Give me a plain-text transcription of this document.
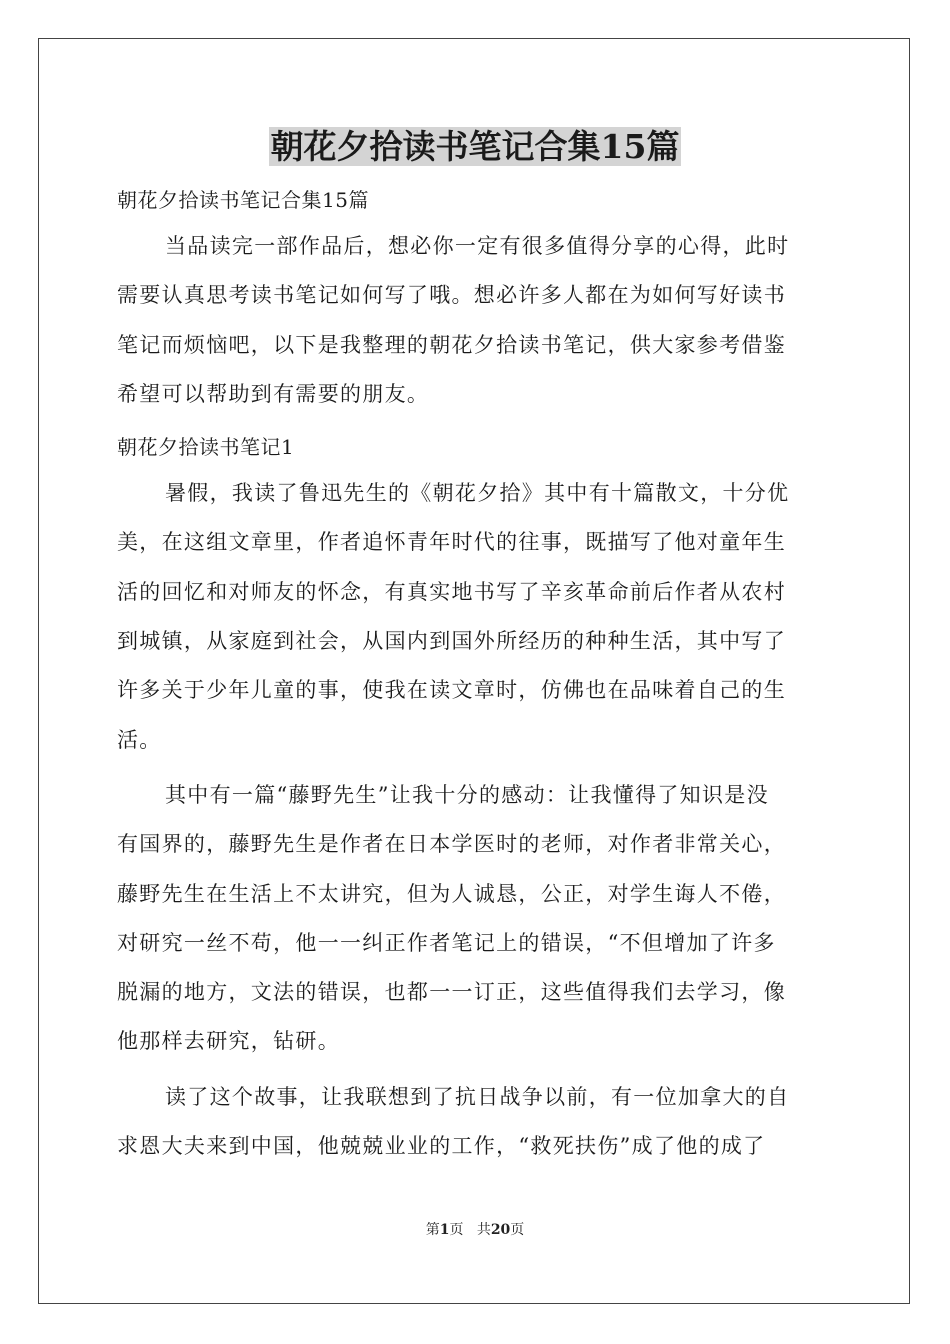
朝花夕拾读书笔记合集15篇
朝花夕拾读书笔记合集15篇
当品读完一部作品后，想必你一定有很多值得分享的心得，此时
需要认真思考读书笔记如何写了哦。想必许多人都在为如何写好读书
笔记而烦恼吧，以下是我整理的朝花夕拾读书笔记，供大家参考借鉴
希望可以帮助到有需要的朋友。
朝花夕拾读书笔记1
暑假，我读了鲁迅先生的《朝花夕拾》其中有十篇散文，十分优
美，在这组文章里，作者追怀青年时代的往事，既描写了他对童年生
活的回忆和对师友的怀念，有真实地书写了辛亥革命前后作者从农村
到城镇，从家庭到社会，从国内到国外所经历的种种生活，其中写了
许多关于少年儿童的事，使我在读文章时，仿佛也在品味着自己的生
活。
其中有一篇“藤野先生”让我十分的感动：让我懂得了知识是没
有国界的，藤野先生是作者在日本学医时的老师，对作者非常关心，
藤野先生在生活上不太讲究，但为人诚恳，公正，对学生诲人不倦，
对研究一丝不苟，他一一纠正作者笔记上的错误，“不但增加了许多
脱漏的地方，文法的错误，也都一一订正，这些值得我们去学习，像
他那样去研究，钻研。
读了这个故事，让我联想到了抗日战争以前，有一位加拿大的自
求恩大夫来到中国，他兢兢业业的工作，“救死扶伤”成了他的成了
第1页 共20页
